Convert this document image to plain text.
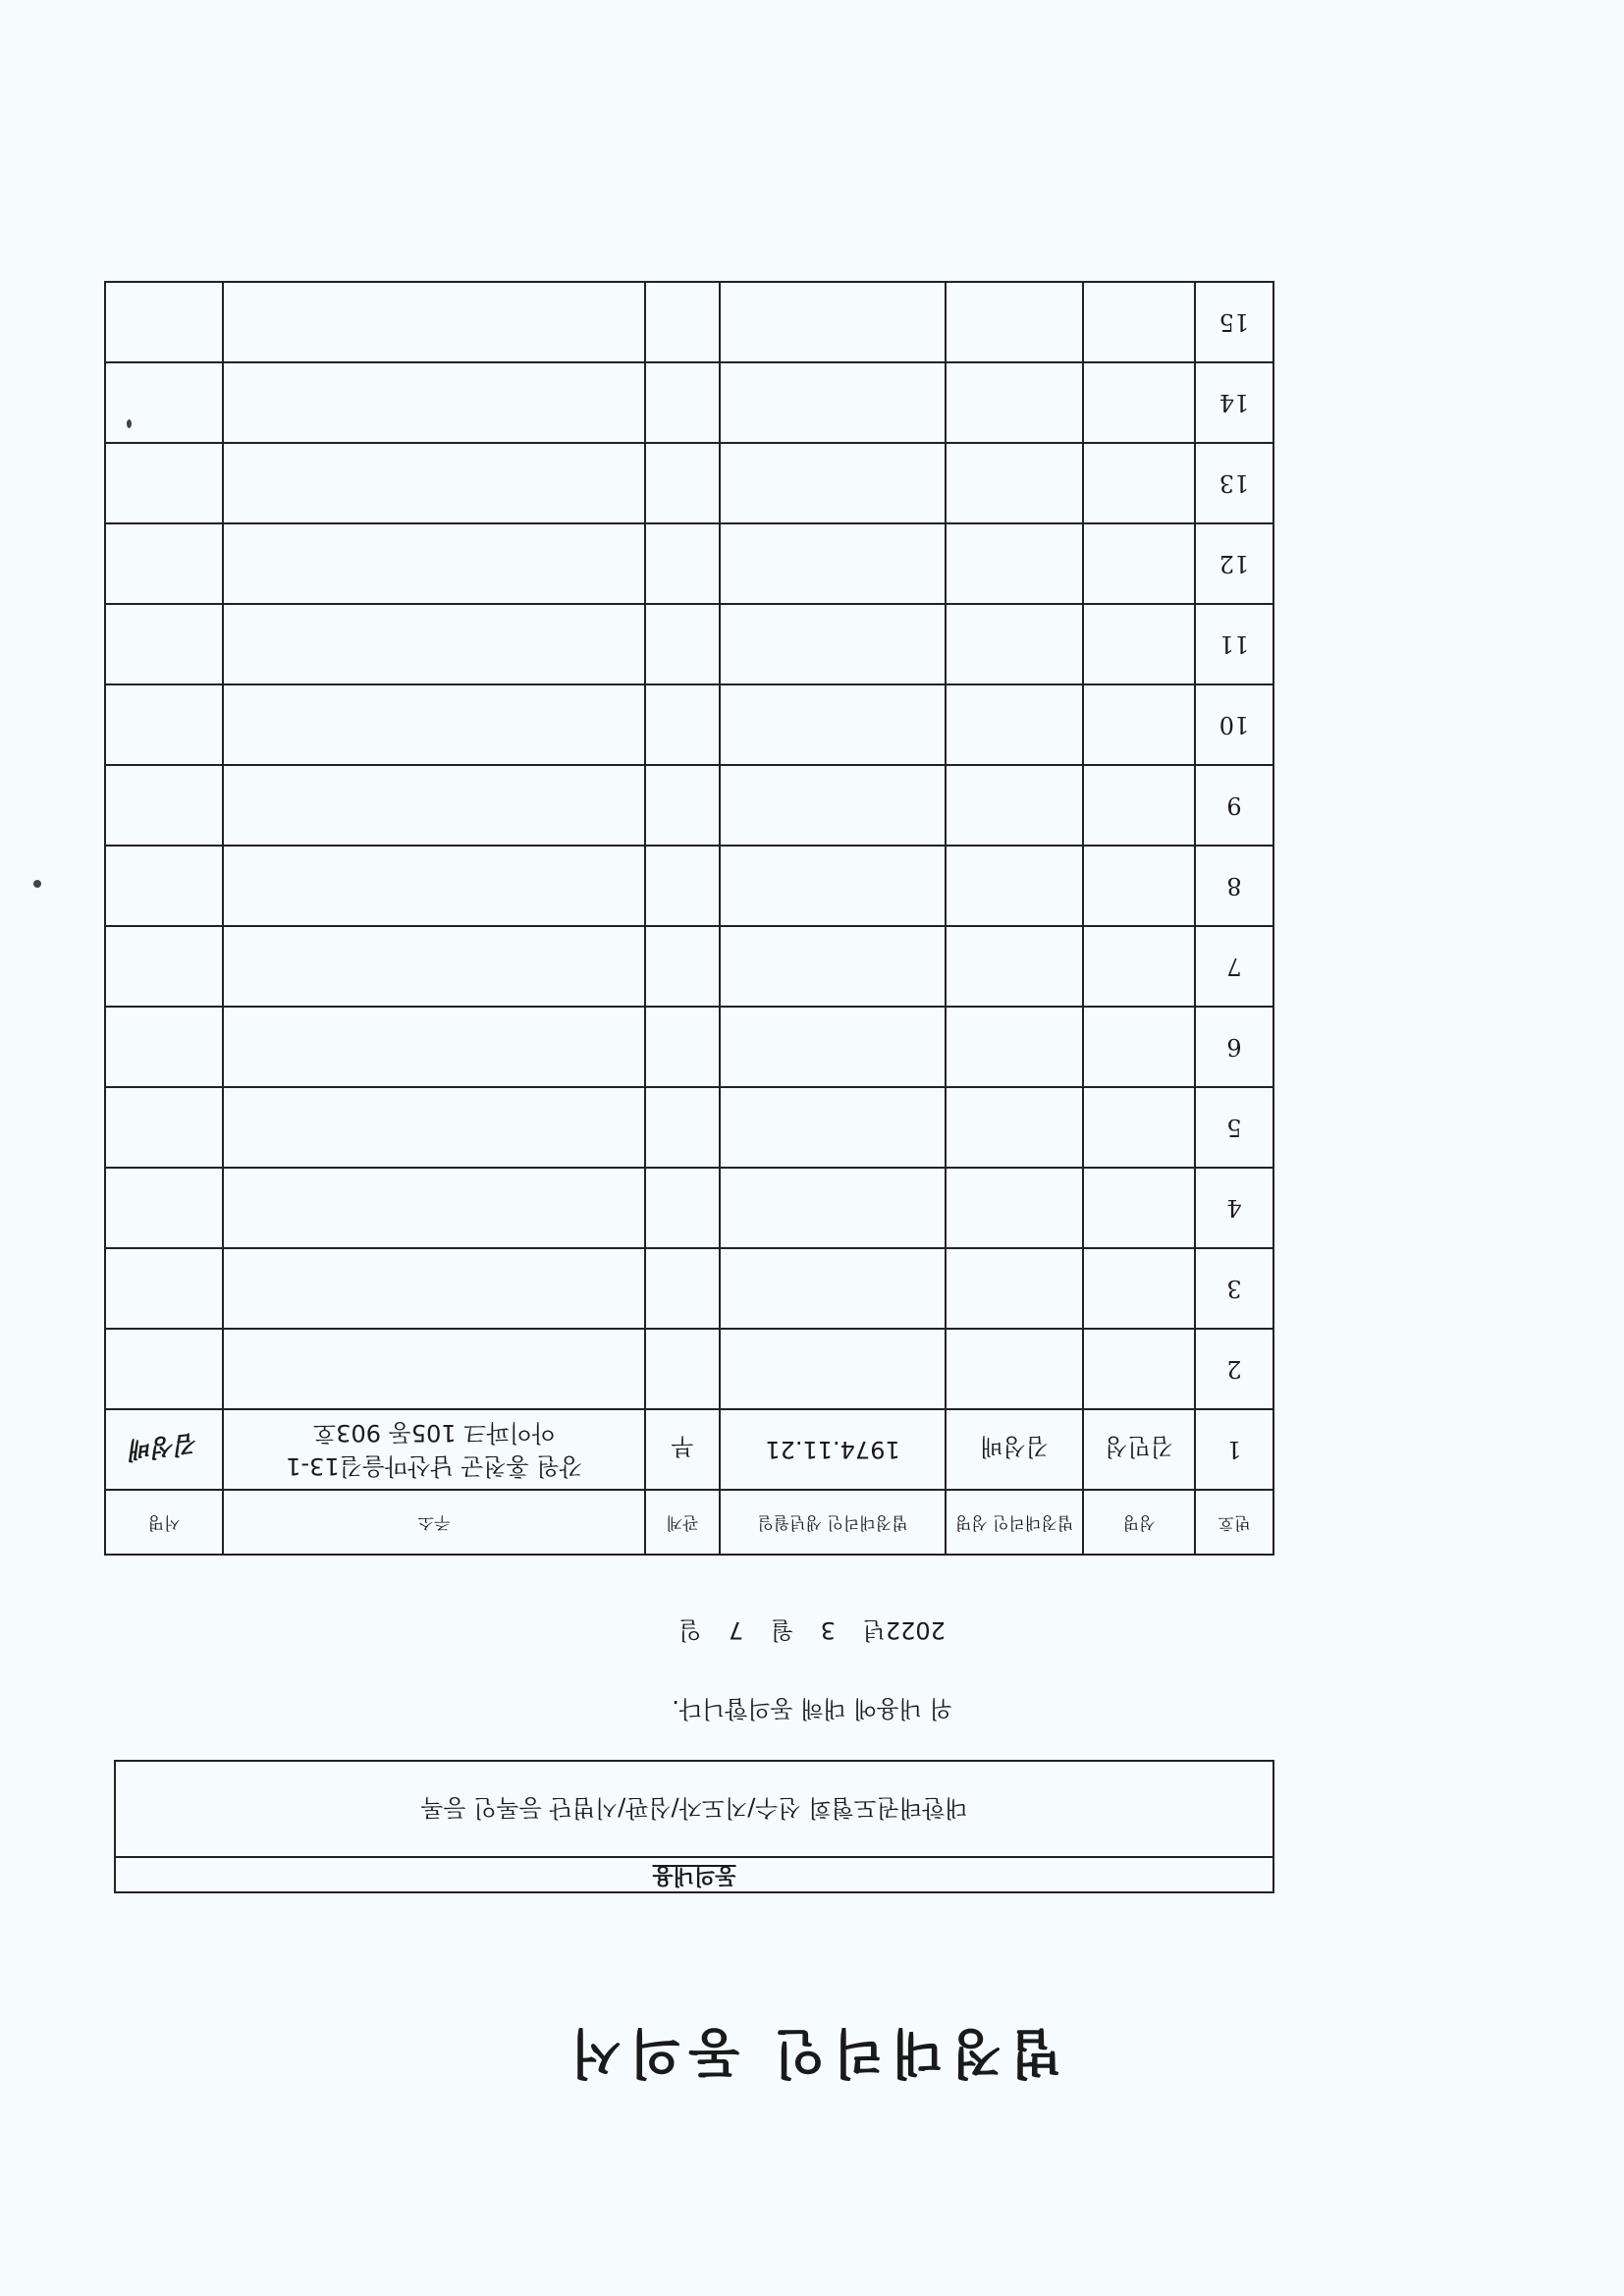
법정대리인 동의서
동의내용
대한태권도협회 선수/지도자/심판/시범단 등록인 등록
위 내용에 대해 동의합니다.
2022년 3 월 7 일
번호	성명	법정대리인 성명	법정대리인 생년월일	관계	주소	서명
1	김민성	김성배	1974.11.21	부	강원 홍천군 남산마을길13-1
아이파크 105동 903호	김성배
2						
3						
4						
5						
6						
7						
8						
9						
10						
11						
12						
13						
14						
15						
